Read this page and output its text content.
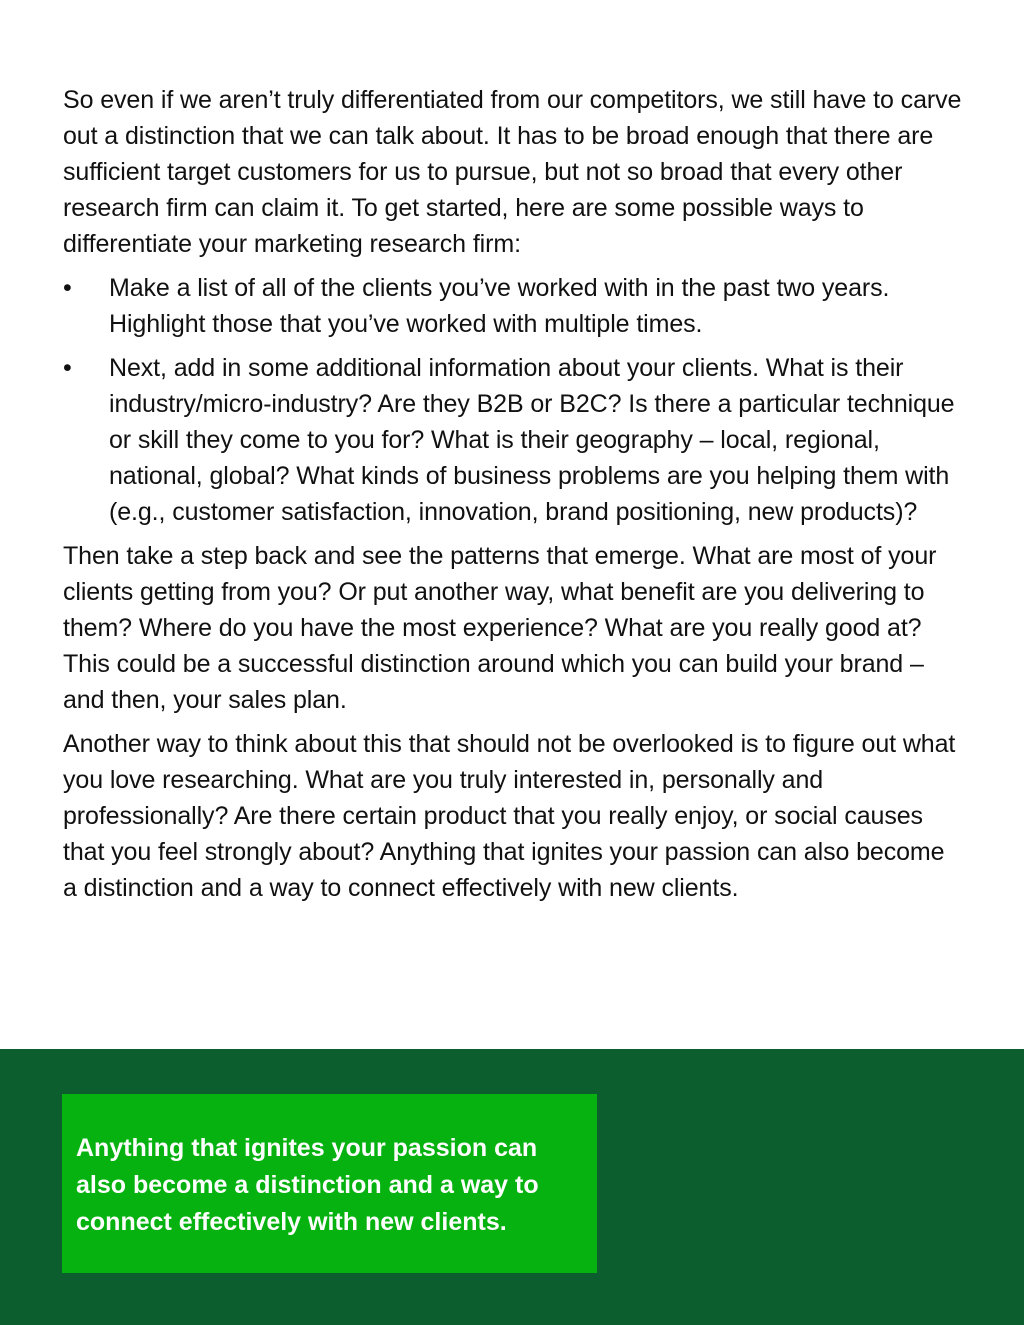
So even if we aren’t truly differentiated from our competitors, we still have to carve out a distinction that we can talk about. It has to be broad enough that there are sufficient target customers for us to pursue, but not so broad that every other research firm can claim it. To get started, here are some possible ways to differentiate your marketing research firm:

•	Make a list of all of the clients you’ve worked with in the past two years. Highlight those that you’ve worked with multiple times.
•	Next, add in some additional information about your clients. What is their industry/micro-industry? Are they B2B or B2C? Is there a particular technique or skill they come to you for? What is their geography – local, regional, national, global? What kinds of business problems are you helping them with (e.g., customer satisfaction, innovation, brand positioning, new products)?

Then take a step back and see the patterns that emerge. What are most of your clients getting from you? Or put another way, what benefit are you delivering to them? Where do you have the most experience? What are you really good at? This could be a successful distinction around which you can build your brand – and then, your sales plan.

Another way to think about this that should not be overlooked is to figure out what you love researching. What are you truly interested in, personally and professionally? Are there certain product that you really enjoy, or social causes that you feel strongly about? Anything that ignites your passion can also become a distinction and a way to connect effectively with new clients.

Anything that ignites your passion can also become a distinction and a way to connect effectively with new clients.
